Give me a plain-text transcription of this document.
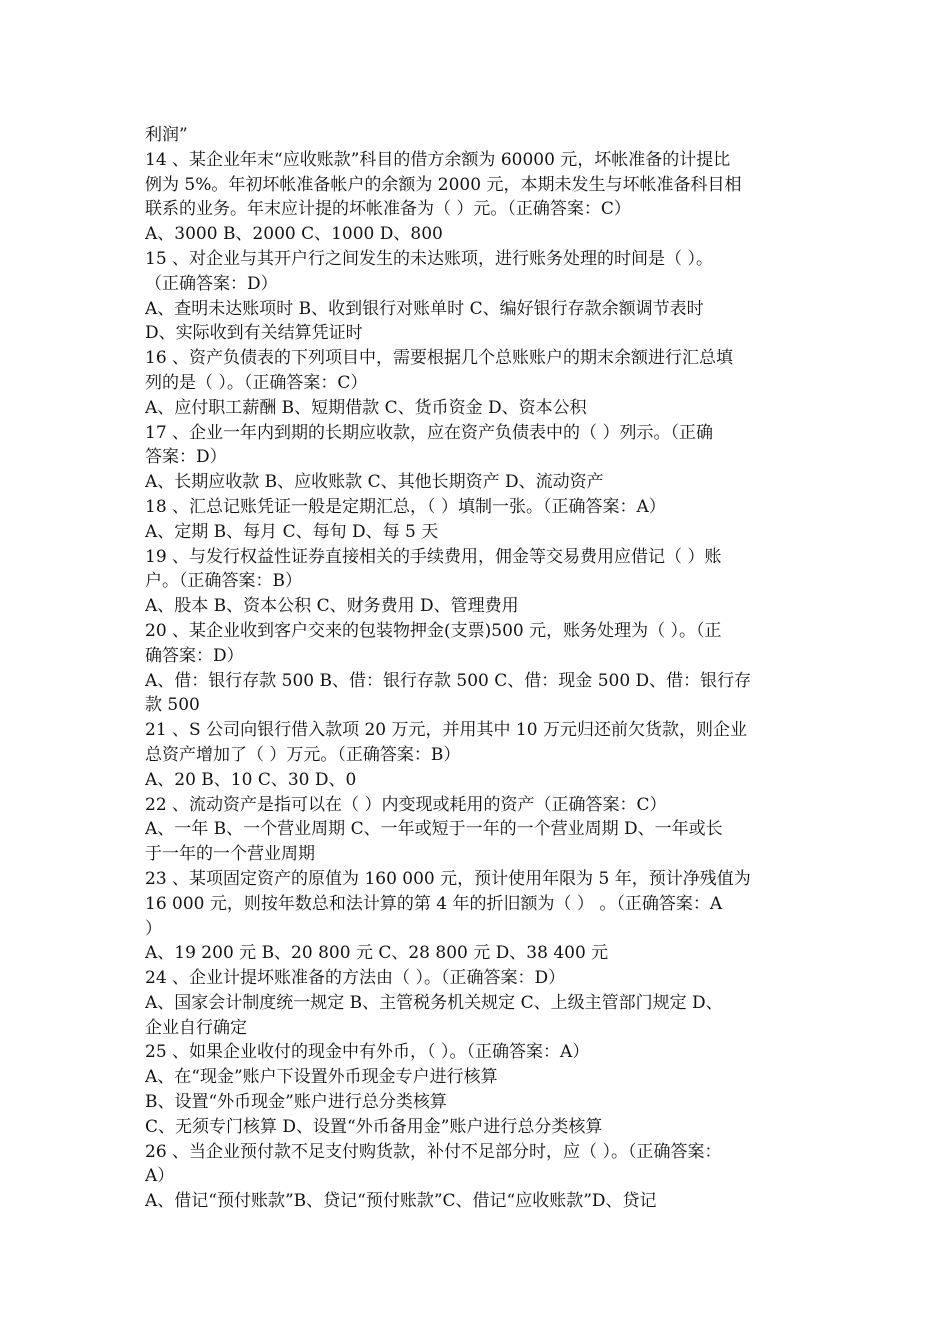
利润”
14 、某企业年末“应收账款”科目的借方余额为 60000 元，坏帐准备的计提比
例为 5%。年初坏帐准备帐户的余额为 2000 元，本期未发生与坏帐准备科目相
联系的业务。年末应计提的坏帐准备为（ ）元。（正确答案：C）
A、3000 B、2000 C、1000 D、800
15 、对企业与其开户行之间发生的未达账项，进行账务处理的时间是（ ）。
（正确答案：D）
A、查明未达账项时 B、收到银行对账单时 C、编好银行存款余额调节表时
D、实际收到有关结算凭证时
16 、资产负债表的下列项目中，需要根据几个总账账户的期末余额进行汇总填
列的是（ ）。（正确答案：C）
A、应付职工薪酬 B、短期借款 C、货币资金 D、资本公积
17 、企业一年内到期的长期应收款，应在资产负债表中的（ ）列示。（正确
答案：D）
A、长期应收款 B、应收账款 C、其他长期资产 D、流动资产
18 、汇总记账凭证一般是定期汇总，（ ）填制一张。（正确答案：A）
A、定期 B、每月 C、每旬 D、每 5 天
19 、与发行权益性证券直接相关的手续费用，佣金等交易费用应借记（ ）账
户。（正确答案：B）
A、股本 B、资本公积 C、财务费用 D、管理费用
20 、某企业收到客户交来的包装物押金(支票)500 元，账务处理为（ ）。（正
确答案：D）
A、借：银行存款 500 B、借：银行存款 500 C、借：现金 500 D、借：银行存
款 500
21 、S 公司向银行借入款项 20 万元，并用其中 10 万元归还前欠货款，则企业
总资产增加了（ ）万元。（正确答案：B）
A、20 B、10 C、30 D、0
22 、流动资产是指可以在（ ）内变现或耗用的资产（正确答案：C）
A、一年 B、一个营业周期 C、一年或短于一年的一个营业周期 D、一年或长
于一年的一个营业周期
23 、某项固定资产的原值为 160 000 元，预计使用年限为 5 年，预计净残值为
16 000 元，则按年数总和法计算的第 4 年的折旧额为（ ） 。（正确答案：A
）
A、19 200 元 B、20 800 元 C、28 800 元 D、38 400 元
24 、企业计提坏账准备的方法由（ ）。（正确答案：D）
A、国家会计制度统一规定 B、主管税务机关规定 C、上级主管部门规定 D、
企业自行确定
25 、如果企业收付的现金中有外币，（ ）。（正确答案：A）
A、在“现金”账户下设置外币现金专户进行核算
B、设置“外币现金”账户进行总分类核算
C、无须专门核算 D、设置“外币备用金”账户进行总分类核算
26 、当企业预付款不足支付购货款，补付不足部分时，应（ ）。（正确答案：
A）
A、借记“预付账款”B、贷记“预付账款”C、借记“应收账款”D、贷记
